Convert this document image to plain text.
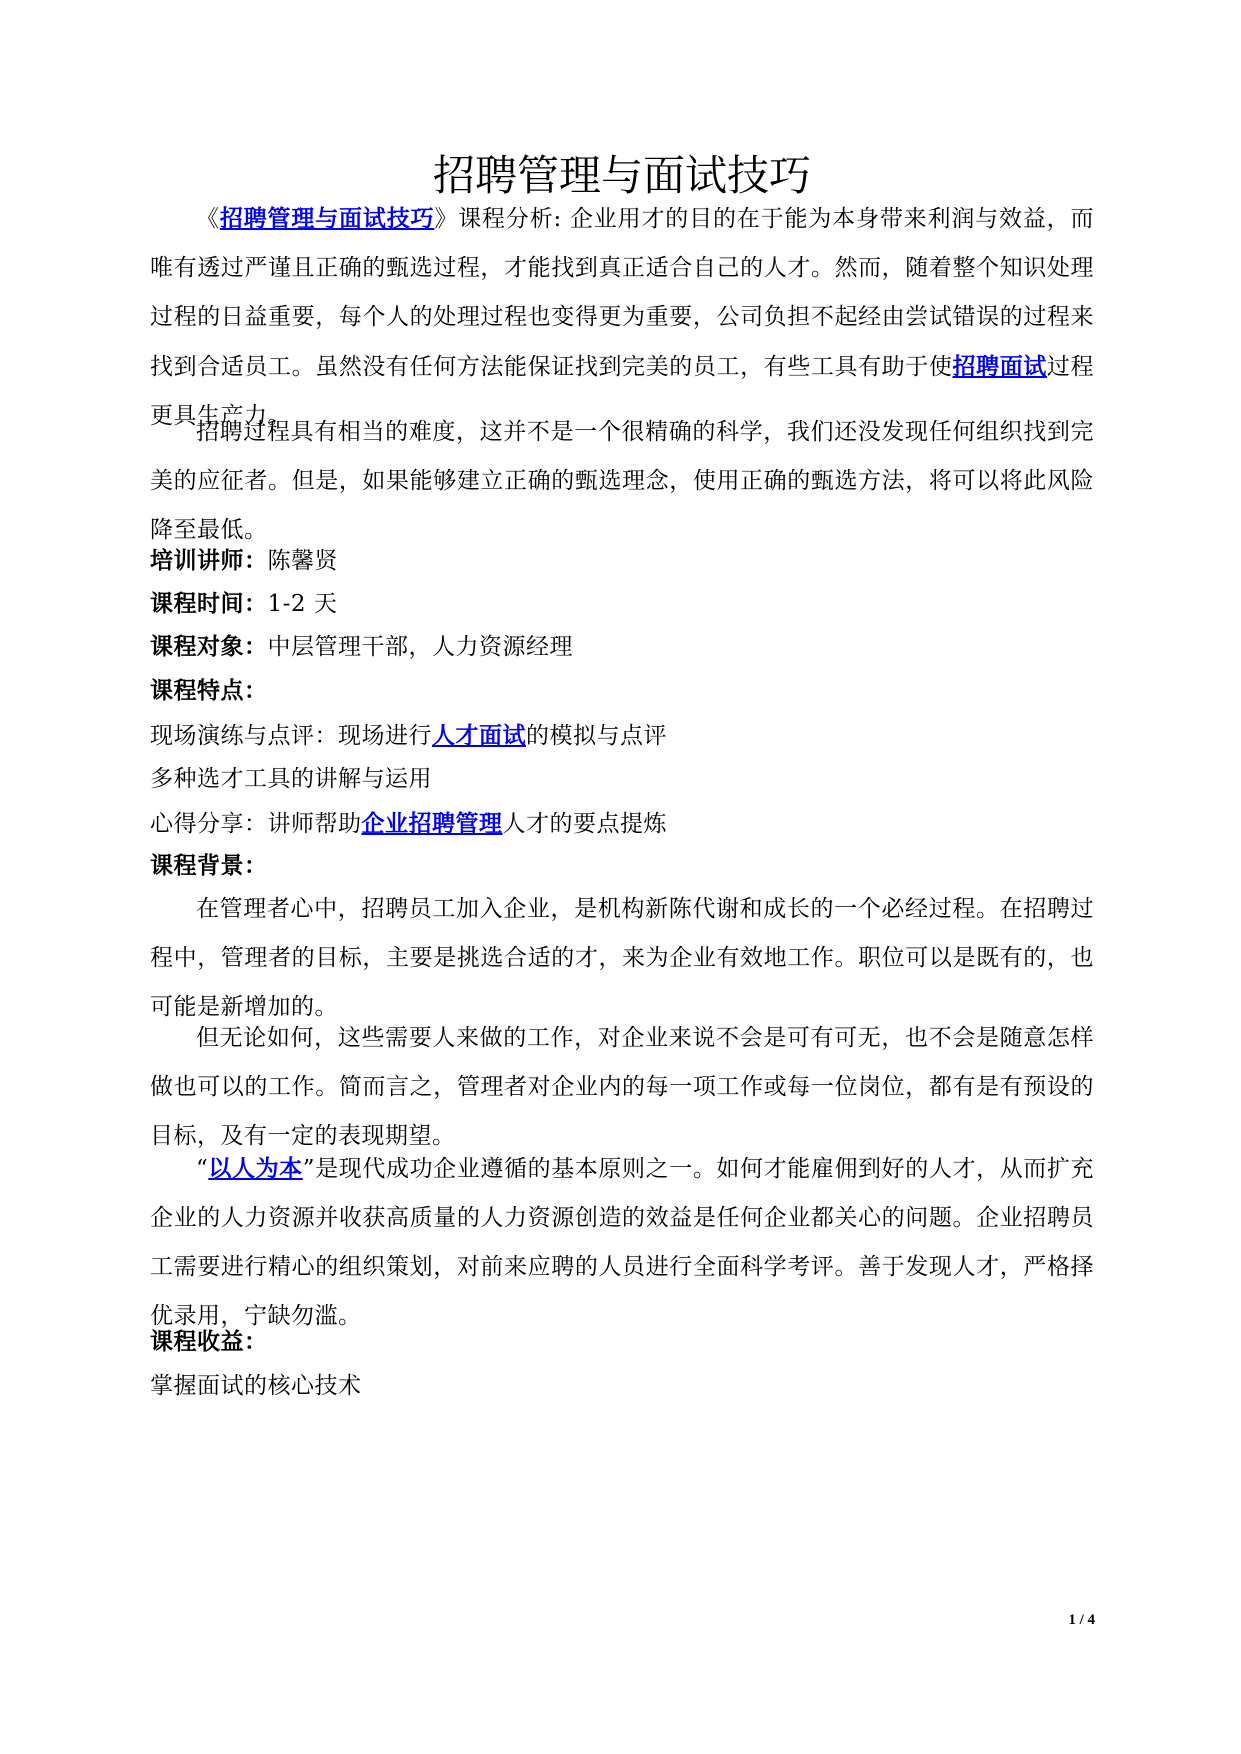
招聘管理与面试技巧

《招聘管理与面试技巧》课程分析: 企业用才的目的在于能为本身带来利润与效益，而唯有透过严谨且正确的甄选过程，才能找到真正适合自己的人才。然而，随着整个知识处理过程的日益重要，每个人的处理过程也变得更为重要，公司负担不起经由尝试错误的过程来找到合适员工。虽然没有任何方法能保证找到完美的员工，有些工具有助于使招聘面试过程更具生产力。

招聘过程具有相当的难度，这并不是一个很精确的科学，我们还没发现任何组织找到完美的应征者。但是，如果能够建立正确的甄选理念，使用正确的甄选方法，将可以将此风险降至最低。

培训讲师：陈馨贤
课程时间：1-2 天
课程对象：中层管理干部，人力资源经理
课程特点：
现场演练与点评：现场进行人才面试的模拟与点评
多种选才工具的讲解与运用
心得分享：讲师帮助企业招聘管理人才的要点提炼
课程背景：

在管理者心中，招聘员工加入企业，是机构新陈代谢和成长的一个必经过程。在招聘过程中，管理者的目标，主要是挑选合适的才，来为企业有效地工作。职位可以是既有的，也可能是新增加的。

但无论如何，这些需要人来做的工作，对企业来说不会是可有可无，也不会是随意怎样做也可以的工作。简而言之，管理者对企业内的每一项工作或每一位岗位，都有是有预设的目标，及有一定的表现期望。

“以人为本”是现代成功企业遵循的基本原则之一。如何才能雇佣到好的人才，从而扩充企业的人力资源并收获高质量的人力资源创造的效益是任何企业都关心的问题。企业招聘员工需要进行精心的组织策划，对前来应聘的人员进行全面科学考评。善于发现人才，严格择优录用，宁缺勿滥。

课程收益：
掌握面试的核心技术
1 / 4
